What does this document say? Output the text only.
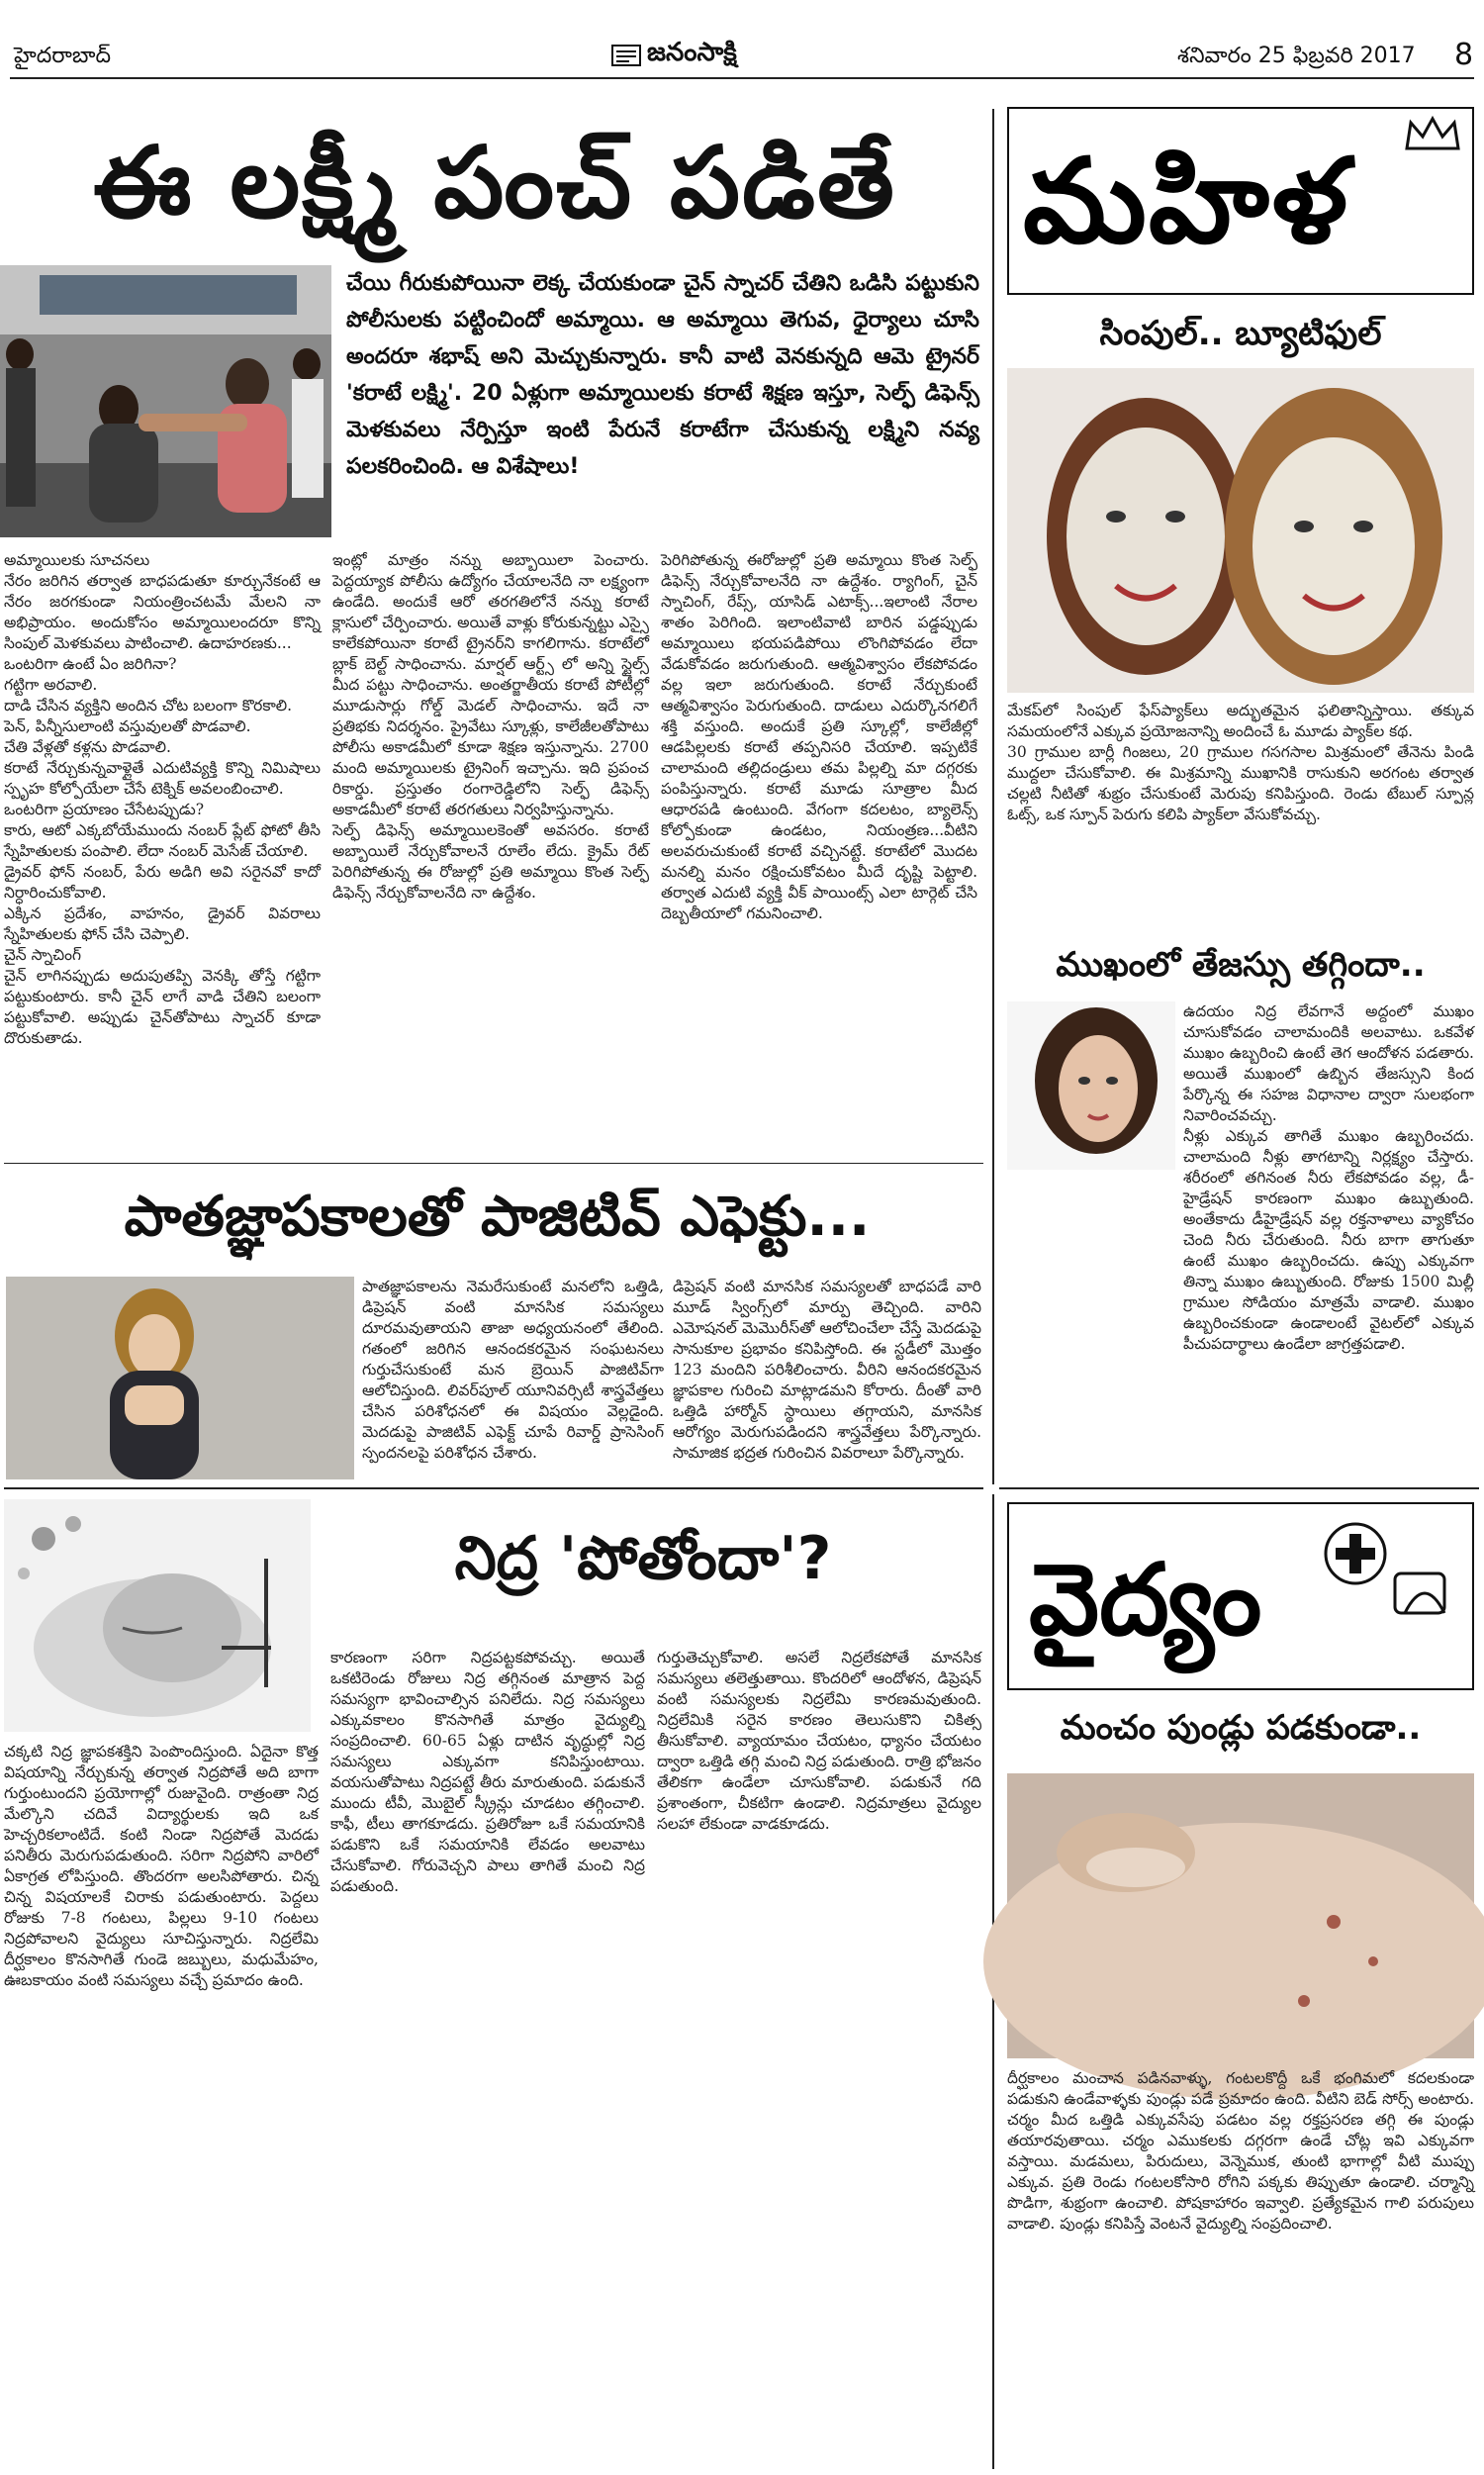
హైదరాబాద్	జనంసాక్షి	శనివారం 25 ఫిబ్రవరి 2017 8
ఈ లక్ష్మీ పంచ్ పడితే
చేయి గీరుకుపోయినా లెక్క చేయకుండా చైన్ స్నాచర్ చేతిని ఒడిసి పట్టుకుని పోలీసులకు పట్టించిందో అమ్మాయి. ఆ అమ్మాయి తెగువ, ధైర్యాలు చూసి అందరూ శభాష్ అని మెచ్చుకున్నారు. కానీ వాటి వెనకున్నది ఆమె ట్రైనర్ 'కరాటే లక్ష్మి'. 20 ఏళ్లుగా అమ్మాయిలకు కరాటే శిక్షణ ఇస్తూ, సెల్ఫ్ డిఫెన్స్ మెళకువలు నేర్పిస్తూ ఇంటి పేరునే కరాటేగా చేసుకున్న లక్ష్మిని నవ్య పలకరించింది. ఆ విశేషాలు!
అమ్మాయిలకు సూచనలు
నేరం జరిగిన తర్వాత బాధపడుతూ కూర్చునేకంటే ఆ నేరం జరగకుండా నియంత్రించటమే మేలని నా అభిప్రాయం. అందుకోసం అమ్మాయిలందరూ కొన్ని సింపుల్ మెళకువలు పాటించాలి. ఉదాహరణకు...
ఒంటరిగా ఉంటే ఏం జరిగినా?
గట్టిగా అరవాలి.
దాడి చేసిన వ్యక్తిని అందిన చోట బలంగా కొరకాలి.
పెన్, పిన్నీసులాంటి వస్తువులతో పొడవాలి.
చేతి వేళ్లతో కళ్లను పొడవాలి.
కరాటే నేర్చుకున్నవాళ్లైతే ఎదుటివ్యక్తి కొన్ని నిమిషాలు స్పృహ కోల్పోయేలా చేసే టెక్నిక్ అవలంబించాలి.
ఒంటరిగా ప్రయాణం చేసేటప్పుడు?
కారు, ఆటో ఎక్కబోయేముందు నంబర్ ప్లేట్ ఫోటో తీసి స్నేహితులకు పంపాలి. లేదా నంబర్ మెసేజ్ చేయాలి.
డ్రైవర్ ఫోన్ నంబర్, పేరు అడిగి అవి సరైనవో కాదో నిర్ధారించుకోవాలి.
ఎక్కిన ప్రదేశం, వాహనం, డ్రైవర్ వివరాలు స్నేహితులకు ఫోన్ చేసి చెప్పాలి.
చైన్ స్నాచింగ్
చైన్ లాగినప్పుడు అదుపుతప్పి వెనక్కి తోస్తే గట్టిగా పట్టుకుంటారు. కానీ చైన్ లాగే వాడి చేతిని బలంగా పట్టుకోవాలి. అప్పుడు చైన్‌తోపాటు స్నాచర్ కూడా దొరుకుతాడు.
ఇంట్లో మాత్రం నన్ను అబ్బాయిలా పెంచారు. పెద్దయ్యాక పోలీసు ఉద్యోగం చేయాలనేది నా లక్ష్యంగా ఉండేది. అందుకే ఆరో తరగతిలోనే నన్ను కరాటే క్లాసులో చేర్పించారు. అయితే వాళ్లు కోరుకున్నట్టు ఎస్సై కాలేకపోయినా కరాటే ట్రైనర్‌ని కాగలిగాను. కరాటేలో బ్లాక్ బెల్ట్ సాధించాను. మార్షల్ ఆర్ట్స్ లో అన్ని స్టైల్స్ మీద పట్టు సాధించాను. అంతర్జాతీయ కరాటే పోటీల్లో మూడుసార్లు గోల్డ్ మెడల్ సాధించాను. ఇదే నా ప్రతిభకు నిదర్శనం. ప్రైవేటు స్కూళ్లు, కాలేజీలతోపాటు పోలీసు అకాడమీలో కూడా శిక్షణ ఇస్తున్నాను. 2700 మంది అమ్మాయిలకు ట్రైనింగ్ ఇచ్చాను. ఇది ప్రపంచ రికార్డు. ప్రస్తుతం రంగారెడ్డిలోని సెల్ఫ్ డిఫెన్స్ అకాడమీలో కరాటే తరగతులు నిర్వహిస్తున్నాను.
సెల్ఫ్ డిఫెన్స్ అమ్మాయిలకెంతో అవసరం. కరాటే అబ్బాయిలే నేర్చుకోవాలనే రూలేం లేదు. క్రైమ్ రేట్ పెరిగిపోతున్న ఈ రోజుల్లో ప్రతి అమ్మాయి కొంత సెల్ఫ్ డిఫెన్స్ నేర్చుకోవాలనేది నా ఉద్దేశం.
పెరిగిపోతున్న ఈరోజుల్లో ప్రతి అమ్మాయి కొంత సెల్ఫ్ డిఫెన్స్ నేర్చుకోవాలనేది నా ఉద్దేశం. ర్యాగింగ్, చైన్ స్నాచింగ్, రేప్స్, యాసిడ్ ఎటాక్స్...ఇలాంటి నేరాల శాతం పెరిగింది. ఇలాంటివాటి బారిన పడ్డప్పుడు అమ్మాయిలు భయపడిపోయి లొంగిపోవడం లేదా వేడుకోవడం జరుగుతుంది. ఆత్మవిశ్వాసం లేకపోవడం వల్ల ఇలా జరుగుతుంది. కరాటే నేర్చుకుంటే ఆత్మవిశ్వాసం పెరుగుతుంది. దాడులు ఎదుర్కొనగలిగే శక్తి వస్తుంది. అందుకే ప్రతి స్కూల్లో, కాలేజీల్లో ఆడపిల్లలకు కరాటే తప్పనిసరి చేయాలి. ఇప్పటికే చాలామంది తల్లిదండ్రులు తమ పిల్లల్ని మా దగ్గరకు పంపిస్తున్నారు. కరాటే మూడు సూత్రాల మీద ఆధారపడి ఉంటుంది. వేగంగా కదలటం, బ్యాలెన్స్ కోల్పోకుండా ఉండటం, నియంత్రణ...వీటిని అలవరుచుకుంటే కరాటే వచ్చినట్టే. కరాటేలో మొదట మనల్ని మనం రక్షించుకోవటం మీదే దృష్టి పెట్టాలి. తర్వాత ఎదుటి వ్యక్తి వీక్ పాయింట్స్ ఎలా టార్గెట్ చేసి దెబ్బతీయాలో గమనించాలి.
పాతజ్ఞాపకాలతో పాజిటివ్ ఎఫెక్టు...
పాతజ్ఞాపకాలను నెమరేసుకుంటే మనలోని ఒత్తిడి, డిప్రెషన్ వంటి మానసిక సమస్యలు దూరమవుతాయని తాజా అధ్యయనంలో తేలింది. గతంలో జరిగిన ఆనందకరమైన సంఘటనలు గుర్తుచేసుకుంటే మన బ్రెయిన్ పాజిటివ్‌గా ఆలోచిస్తుంది. లివర్‌పూల్ యూనివర్సిటీ శాస్త్రవేత్తలు చేసిన పరిశోధనలో ఈ విషయం వెల్లడైంది. మెదడుపై పాజిటివ్ ఎఫెక్ట్ చూపే రివార్డ్ ప్రాసెసింగ్ స్పందనలపై పరిశోధన చేశారు.
డిప్రెషన్ వంటి మానసిక సమస్యలతో బాధపడే వారి మూడ్ స్వింగ్స్‌లో మార్పు తెచ్చింది. వారిని ఎమోషనల్ మెమొరీస్‌తో ఆలోచించేలా చేస్తే మెదడుపై సానుకూల ప్రభావం కనిపిస్తోంది. ఈ స్టడీలో మొత్తం 123 మందిని పరిశీలించారు. వీరిని ఆనందకరమైన జ్ఞాపకాల గురించి మాట్లాడమని కోరారు. దీంతో వారి ఒత్తిడి హార్మోన్ స్థాయిలు తగ్గాయని, మానసిక ఆరోగ్యం మెరుగుపడిందని శాస్త్రవేత్తలు పేర్కొన్నారు. సామాజిక భద్రత గురించిన వివరాలూ పేర్కొన్నారు.
నిద్ర 'పోతోందా'?
చక్కటి నిద్ర జ్ఞాపకశక్తిని పెంపొందిస్తుంది. ఏదైనా కొత్త విషయాన్ని నేర్చుకున్న తర్వాత నిద్రపోతే అది బాగా గుర్తుంటుందని ప్రయోగాల్లో రుజువైంది. రాత్రంతా నిద్ర మేల్కొని చదివే విద్యార్థులకు ఇది ఒక హెచ్చరికలాంటిదే. కంటి నిండా నిద్రపోతే మెదడు పనితీరు మెరుగుపడుతుంది. సరిగా నిద్రపోని వారిలో ఏకాగ్రత లోపిస్తుంది. తొందరగా అలసిపోతారు. చిన్న చిన్న విషయాలకే చిరాకు పడుతుంటారు. పెద్దలు రోజుకు 7-8 గంటలు, పిల్లలు 9-10 గంటలు నిద్రపోవాలని వైద్యులు సూచిస్తున్నారు. నిద్రలేమి దీర్ఘకాలం కొనసాగితే గుండె జబ్బులు, మధుమేహం, ఊబకాయం వంటి సమస్యలు వచ్చే ప్రమాదం ఉంది.
కారణంగా సరిగా నిద్రపట్టకపోవచ్చు. అయితే ఒకటిరెండు రోజులు నిద్ర తగ్గినంత మాత్రాన పెద్ద సమస్యగా భావించాల్సిన పనిలేదు. నిద్ర సమస్యలు ఎక్కువకాలం కొనసాగితే మాత్రం వైద్యుల్ని సంప్రదించాలి. 60-65 ఏళ్లు దాటిన వృద్ధుల్లో నిద్ర సమస్యలు ఎక్కువగా కనిపిస్తుంటాయి. వయసుతోపాటు నిద్రపట్టే తీరు మారుతుంది. పడుకునే ముందు టీవీ, మొబైల్ స్క్రీన్లు చూడటం తగ్గించాలి. కాఫీ, టీలు తాగకూడదు. ప్రతిరోజూ ఒకే సమయానికి పడుకొని ఒకే సమయానికి లేవడం అలవాటు చేసుకోవాలి. గోరువెచ్చని పాలు తాగితే మంచి నిద్ర పడుతుంది.
గుర్తుతెచ్చుకోవాలి. అసలే నిద్రలేకపోతే మానసిక సమస్యలు తలెత్తుతాయి. కొందరిలో ఆందోళన, డిప్రెషన్ వంటి సమస్యలకు నిద్రలేమి కారణమవుతుంది. నిద్రలేమికి సరైన కారణం తెలుసుకొని చికిత్స తీసుకోవాలి. వ్యాయామం చేయటం, ధ్యానం చేయటం ద్వారా ఒత్తిడి తగ్గి మంచి నిద్ర పడుతుంది. రాత్రి భోజనం తేలికగా ఉండేలా చూసుకోవాలి. పడుకునే గది ప్రశాంతంగా, చీకటిగా ఉండాలి. నిద్రమాత్రలు వైద్యుల సలహా లేకుండా వాడకూడదు.
మహిళ
సింపుల్.. బ్యూటిఫుల్
మేకప్‌లో సింపుల్ ఫేస్‌ప్యాక్‌లు అద్భుతమైన ఫలితాన్నిస్తాయి. తక్కువ సమయంలోనే ఎక్కువ ప్రయోజనాన్ని అందించే ఓ మూడు ప్యాక్‌ల కథ.
30 గ్రాముల బార్లీ గింజలు, 20 గ్రాముల గసగసాల మిశ్రమంలో తేనెను పిండి ముద్దలా చేసుకోవాలి. ఈ మిశ్రమాన్ని ముఖానికి రాసుకుని అరగంట తర్వాత చల్లటి నీటితో శుభ్రం చేసుకుంటే మెరుపు కనిపిస్తుంది. రెండు టేబుల్ స్పూన్ల ఓట్స్, ఒక స్పూన్ పెరుగు కలిపి ప్యాక్‌లా వేసుకోవచ్చు.
ముఖంలో తేజస్సు తగ్గిందా..
ఉదయం నిద్ర లేవగానే అద్దంలో ముఖం చూసుకోవడం చాలామందికి అలవాటు. ఒకవేళ ముఖం ఉబ్బరించి ఉంటే తెగ ఆందోళన పడతారు. అయితే ముఖంలో ఉబ్బిన తేజస్సుని కింద పేర్కొన్న ఈ సహజ విధానాల ద్వారా సులభంగా నివారించవచ్చు.
నీళ్లు ఎక్కువ తాగితే ముఖం ఉబ్బరించదు. చాలామంది నీళ్లు తాగటాన్ని నిర్లక్ష్యం చేస్తారు. శరీరంలో తగినంత నీరు లేకపోవడం వల్ల, డీ-హైడ్రేషన్ కారణంగా ముఖం ఉబ్బుతుంది. అంతేకాదు డీహైడ్రేషన్ వల్ల రక్తనాళాలు వ్యాకోచం చెంది నీరు చేరుతుంది. నీరు బాగా తాగుతూ ఉంటే ముఖం ఉబ్బరించదు. ఉప్పు ఎక్కువగా తిన్నా ముఖం ఉబ్బుతుంది. రోజుకు 1500 మిల్లీ గ్రాముల సోడియం మాత్రమే వాడాలి. ముఖం ఉబ్బరించకుండా ఉండాలంటే వైటల్‌లో ఎక్కువ పీచుపదార్థాలు ఉండేలా జాగ్రత్తపడాలి.
వైద్యం
మంచం పుండ్లు పడకుండా..
దీర్ఘకాలం మంచాన పడినవాళ్ళు, గంటలకొద్దీ ఒకే భంగిమలో కదలకుండా పడుకుని ఉండేవాళ్ళకు పుండ్లు పడే ప్రమాదం ఉంది. వీటిని బెడ్ సోర్స్ అంటారు. చర్మం మీద ఒత్తిడి ఎక్కువసేపు పడటం వల్ల రక్తప్రసరణ తగ్గి ఈ పుండ్లు తయారవుతాయి. చర్మం ఎముకలకు దగ్గరగా ఉండే చోట్ల ఇవి ఎక్కువగా వస్తాయి. మడమలు, పిరుదులు, వెన్నెముక, తుంటి భాగాల్లో వీటి ముప్పు ఎక్కువ. ప్రతి రెండు గంటలకోసారి రోగిని పక్కకు తిప్పుతూ ఉండాలి. చర్మాన్ని పొడిగా, శుభ్రంగా ఉంచాలి. పోషకాహారం ఇవ్వాలి. ప్రత్యేకమైన గాలి పరుపులు వాడాలి. పుండ్లు కనిపిస్తే వెంటనే వైద్యుల్ని సంప్రదించాలి.
